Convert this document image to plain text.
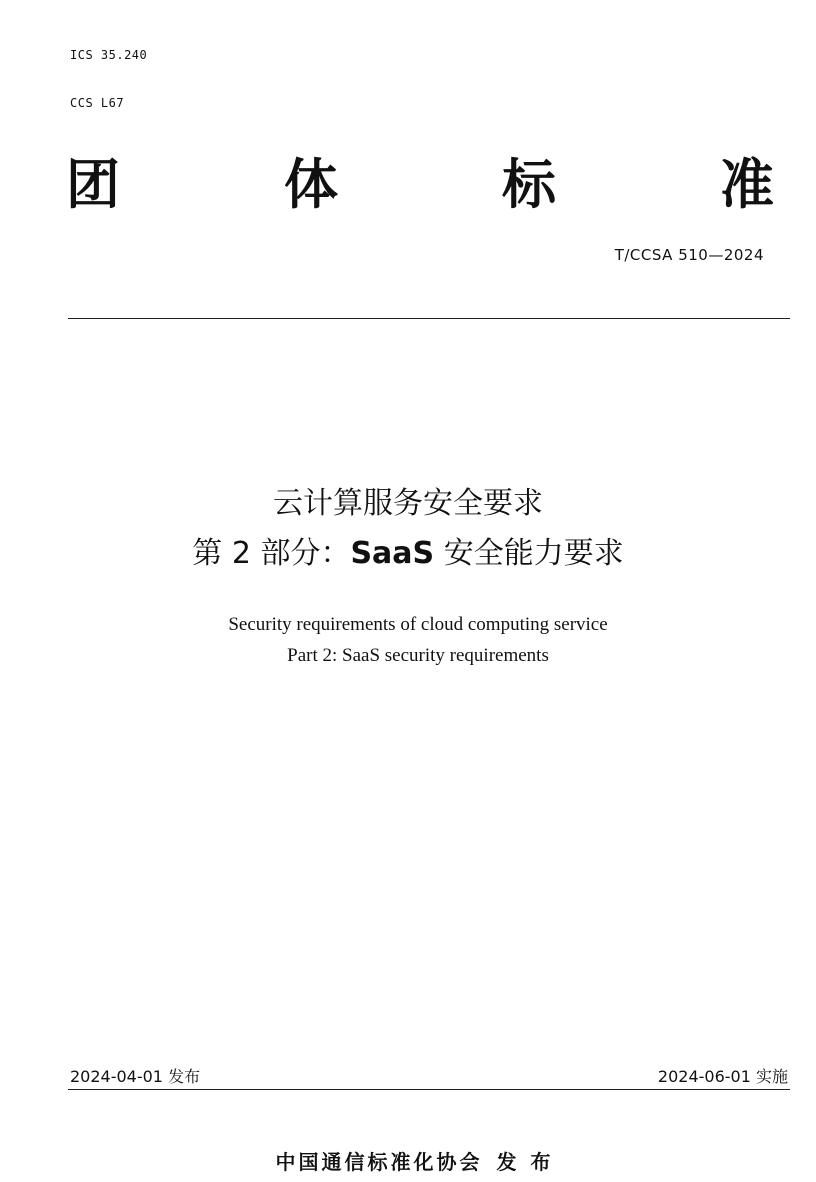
ICS 35.240
CCS L67
团	体	标	准
T/CCSA 510—2024
云计算服务安全要求
第 2 部分：SaaS 安全能力要求
Security requirements of cloud computing service
Part 2: SaaS security requirements
2024-04-01 发布	2024-06-01 实施
中国通信标准化协会 发布
